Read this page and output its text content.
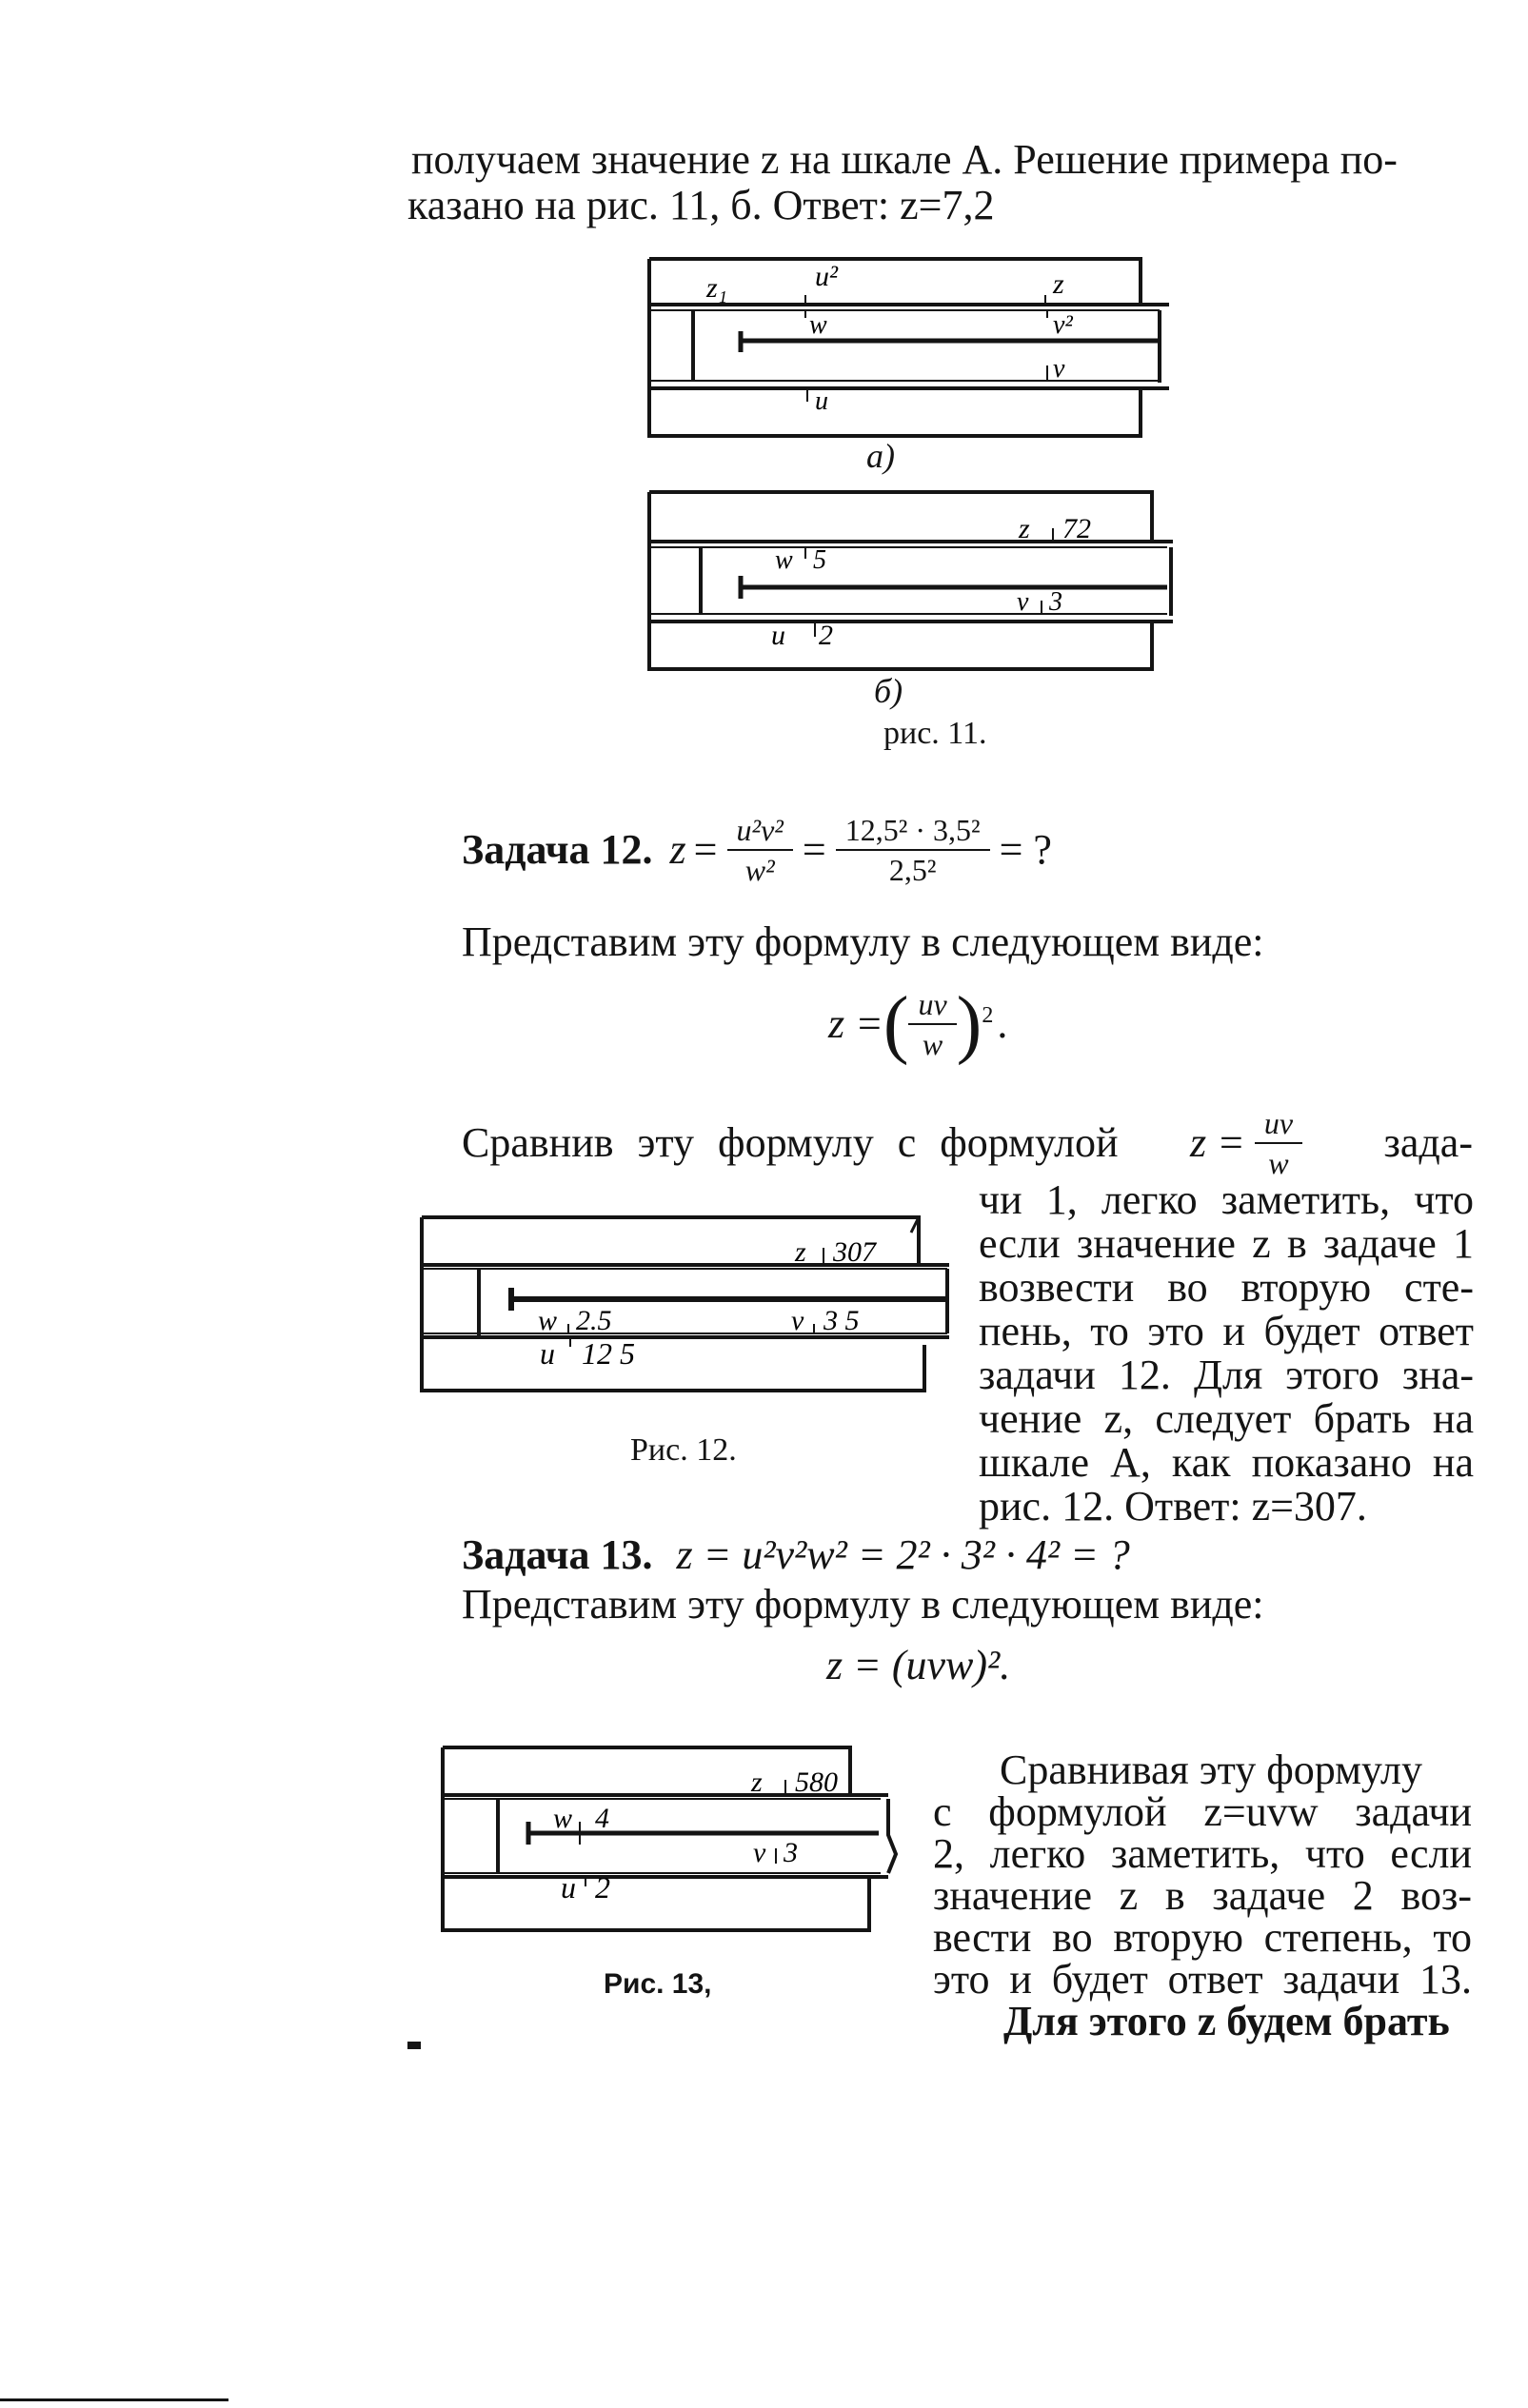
получаем значение z на шкале A. Решение примера по-
казано на рис. 11, б. Ответ: z=7,2
z₁	u²	z
w	v²
v
u
а)
z 72
w 5
v 3
u 2
б)
рис. 11.
Задача 12. $z = \frac{\text{u²v²}}{\text{w²}} = \frac{\text{12,5² · 3,5²}}{\text{2,5²}}$ = ?
Представим эту формулу в следующем виде:
z = ( $\frac{uv}{w} )^2$ .
Сравнив эту формулу с формулой $z = \frac{uv}{w}$ зада-
z 307
w 2.5	v 3 5
u 12 5
Рис. 12.
чи 1, легко заметить, что
если значение z в задаче 1
возвести во вторую сте-
пень, то это и будет ответ
задачи 12. Для этого зна-
чение z, следует брать на
шкале A, как показано на
рис. 12. Ответ: z=307.
Задача 13. z = u²v²w² = 2² · 3² · 4² = ?
Представим эту формулу в следующем виде:
z = (uvw)².
z 580
w 4
v 3
u 2
Рис. 13,
Сравнивая эту формулу
с формулой z=uvw задачи
2, легко заметить, что если
значение z в задаче 2 воз-
вести во вторую степень, то
это и будет ответ задачи 13.
Для этого z будем брать
